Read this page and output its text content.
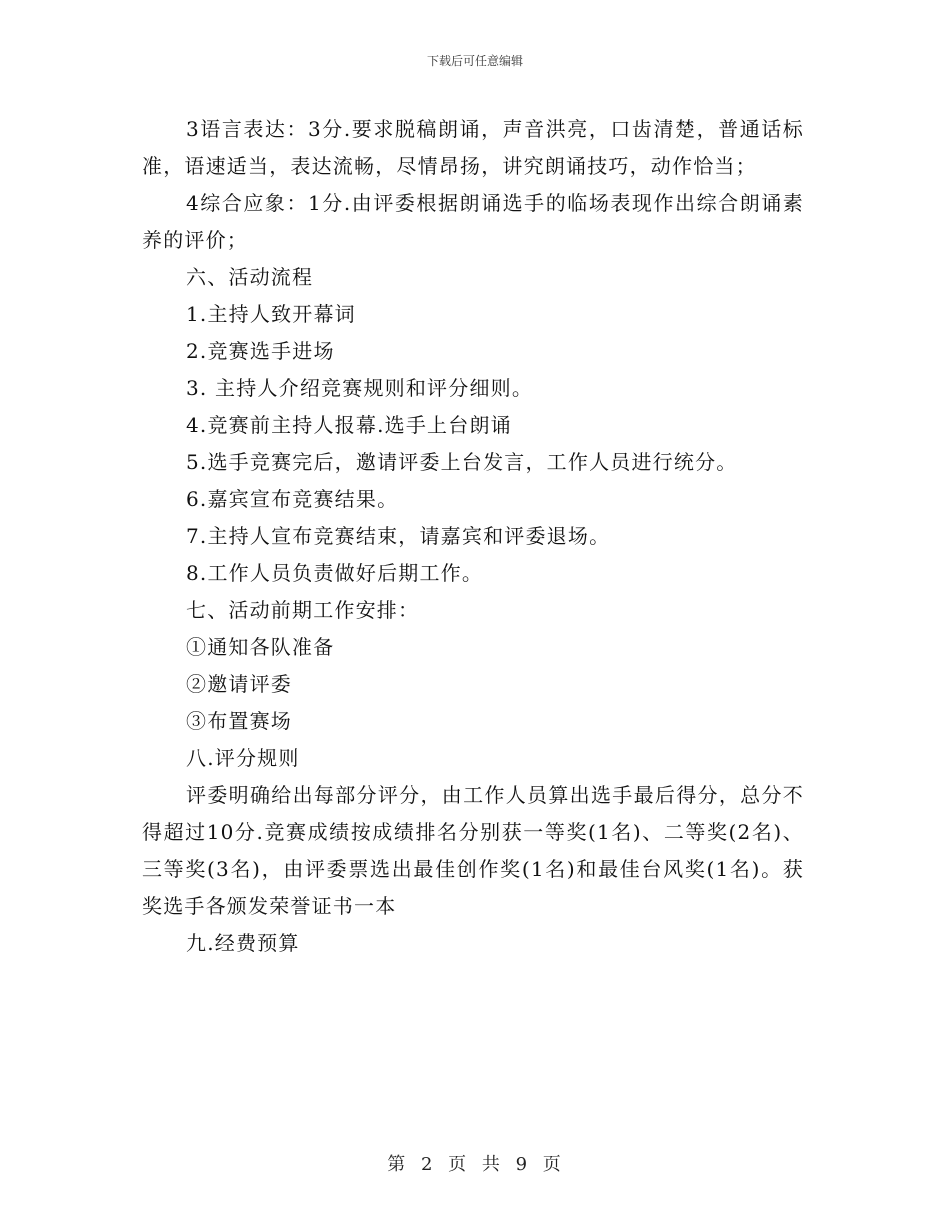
下载后可任意编辑

3语言表达：3分.要求脱稿朗诵，声音洪亮，口齿清楚，普通话标准，语速适当，表达流畅，尽情昂扬，讲究朗诵技巧，动作恰当；

4综合应象：1分.由评委根据朗诵选手的临场表现作出综合朗诵素养的评价；

六、活动流程

1.主持人致开幕词

2.竞赛选手进场

3. 主持人介绍竞赛规则和评分细则。

4.竞赛前主持人报幕.选手上台朗诵

5.选手竞赛完后，邀请评委上台发言，工作人员进行统分。

6.嘉宾宣布竞赛结果。

7.主持人宣布竞赛结束，请嘉宾和评委退场。

8.工作人员负责做好后期工作。

七、活动前期工作安排：

①通知各队准备

②邀请评委

③布置赛场

八.评分规则

评委明确给出每部分评分，由工作人员算出选手最后得分，总分不得超过10分.竞赛成绩按成绩排名分别获一等奖(1名)、二等奖(2名)、三等奖(3名)，由评委票选出最佳创作奖(1名)和最佳台风奖(1名)。获奖选手各颁发荣誉证书一本

九.经费预算

第 2 页 共 9 页
